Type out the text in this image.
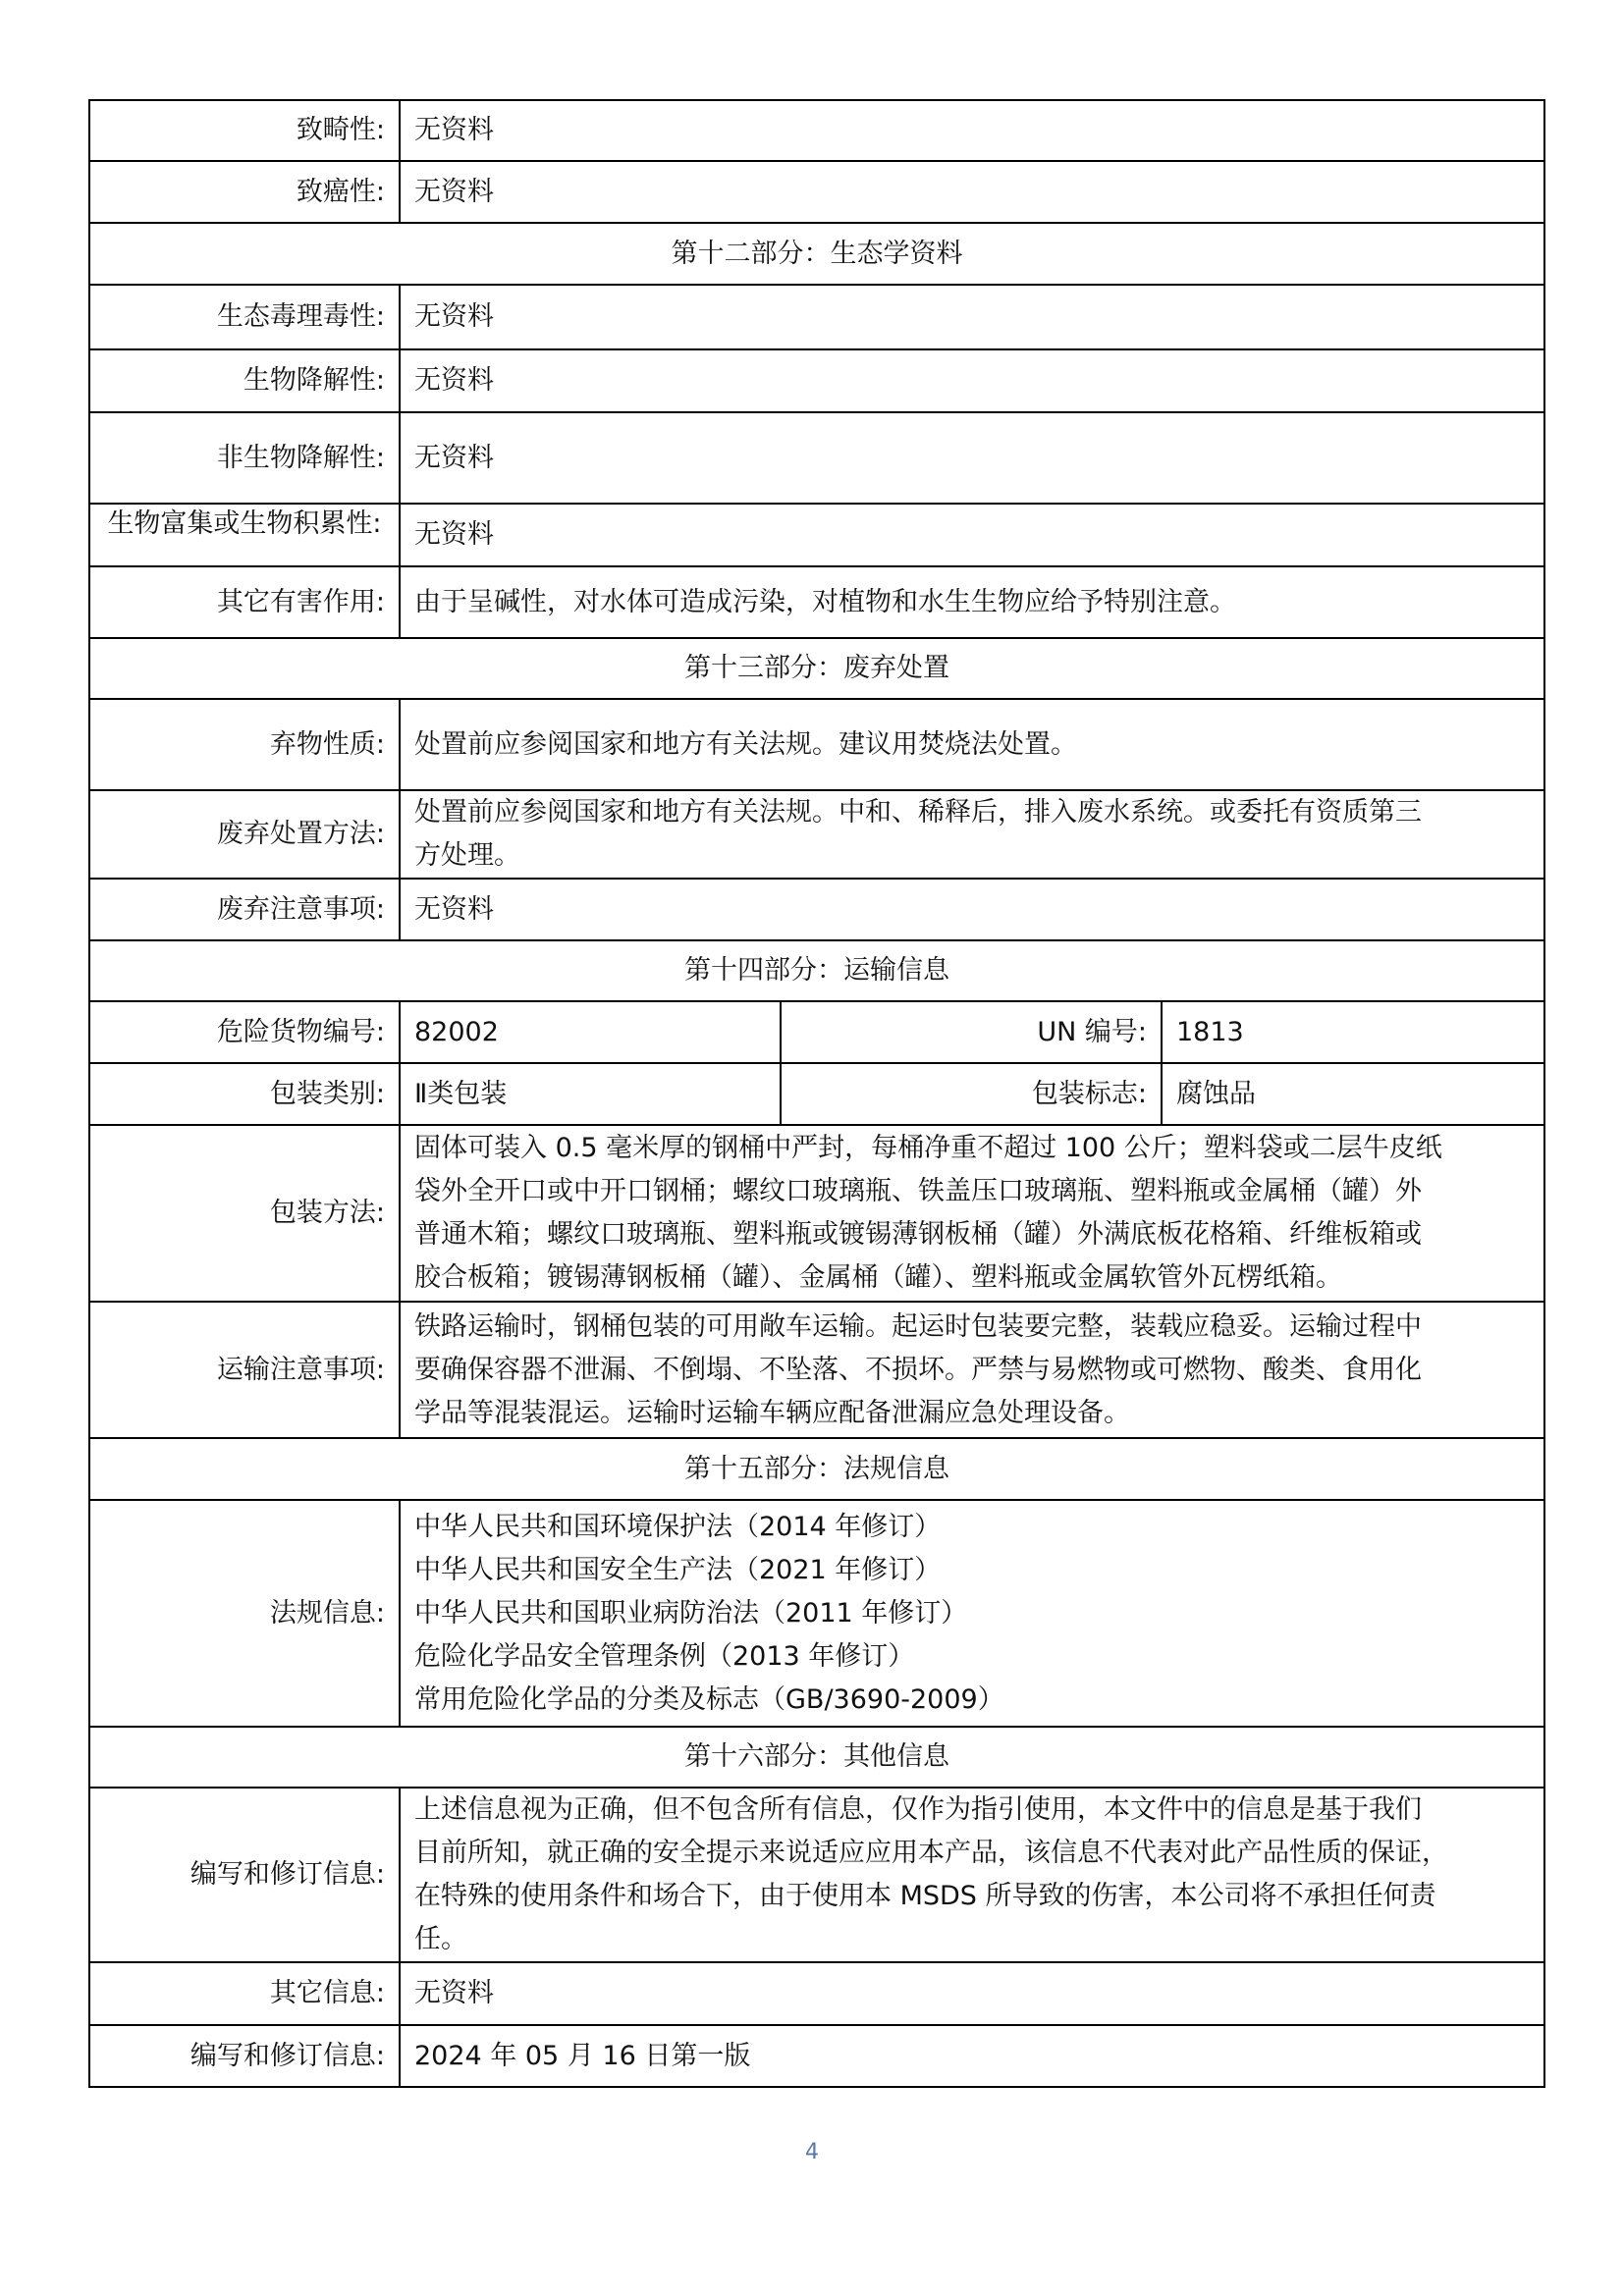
致畸性:	无资料		
致癌性:	无资料		
第十二部分：生态学资料			
生态毒理毒性:	无资料		
生物降解性:	无资料		
非生物降解性:	无资料		

生物富集或生物积累性:	无资料		
其它有害作用:	由于呈碱性，对水体可造成污染，对植物和水生生物应给予特别注意。		
第十三部分：废弃处置			
弃物性质:	处置前应参阅国家和地方有关法规。建议用焚烧法处置。		
废弃处置方法:	处置前应参阅国家和地方有关法规。中和、稀释后，排入废水系统。或委托有资质第三
方处理。		

废弃注意事项:	无资料		
第十四部分：运输信息			
危险货物编号:	82002	UN 编号:	1813
包装类别:	Ⅱ类包装	包装标志:	腐蚀品
包装方法:	固体可装入 0.5 毫米厚的钢桶中严封，每桶净重不超过 100 公斤；塑料袋或二层牛皮纸
袋外全开口或中开口钢桶；螺纹口玻璃瓶、铁盖压口玻璃瓶、塑料瓶或金属桶（罐）外
普通木箱；螺纹口玻璃瓶、塑料瓶或镀锡薄钢板桶（罐）外满底板花格箱、纤维板箱或
胶合板箱；镀锡薄钢板桶（罐）、金属桶（罐）、塑料瓶或金属软管外瓦楞纸箱。		

运输注意事项:	铁路运输时，钢桶包装的可用敞车运输。起运时包装要完整，装载应稳妥。运输过程中
要确保容器不泄漏、不倒塌、不坠落、不损坏。严禁与易燃物或可燃物、酸类、食用化
学品等混装混运。运输时运输车辆应配备泄漏应急处理设备。		

第十五部分：法规信息			
法规信息:	中华人民共和国环境保护法（2014 年修订）
中华人民共和国安全生产法（2021 年修订）
中华人民共和国职业病防治法（2011 年修订）
危险化学品安全管理条例（2013 年修订）
常用危险化学品的分类及标志（GB/3690-2009）		

第十六部分：其他信息			
编写和修订信息:	上述信息视为正确，但不包含所有信息，仅作为指引使用，本文件中的信息是基于我们
目前所知，就正确的安全提示来说适应应用本产品，该信息不代表对此产品性质的保证，
在特殊的使用条件和场合下，由于使用本 MSDS 所导致的伤害，本公司将不承担任何责
任。		

其它信息:	无资料		
编写和修订信息:	2024 年 05 月 16 日第一版		
4
